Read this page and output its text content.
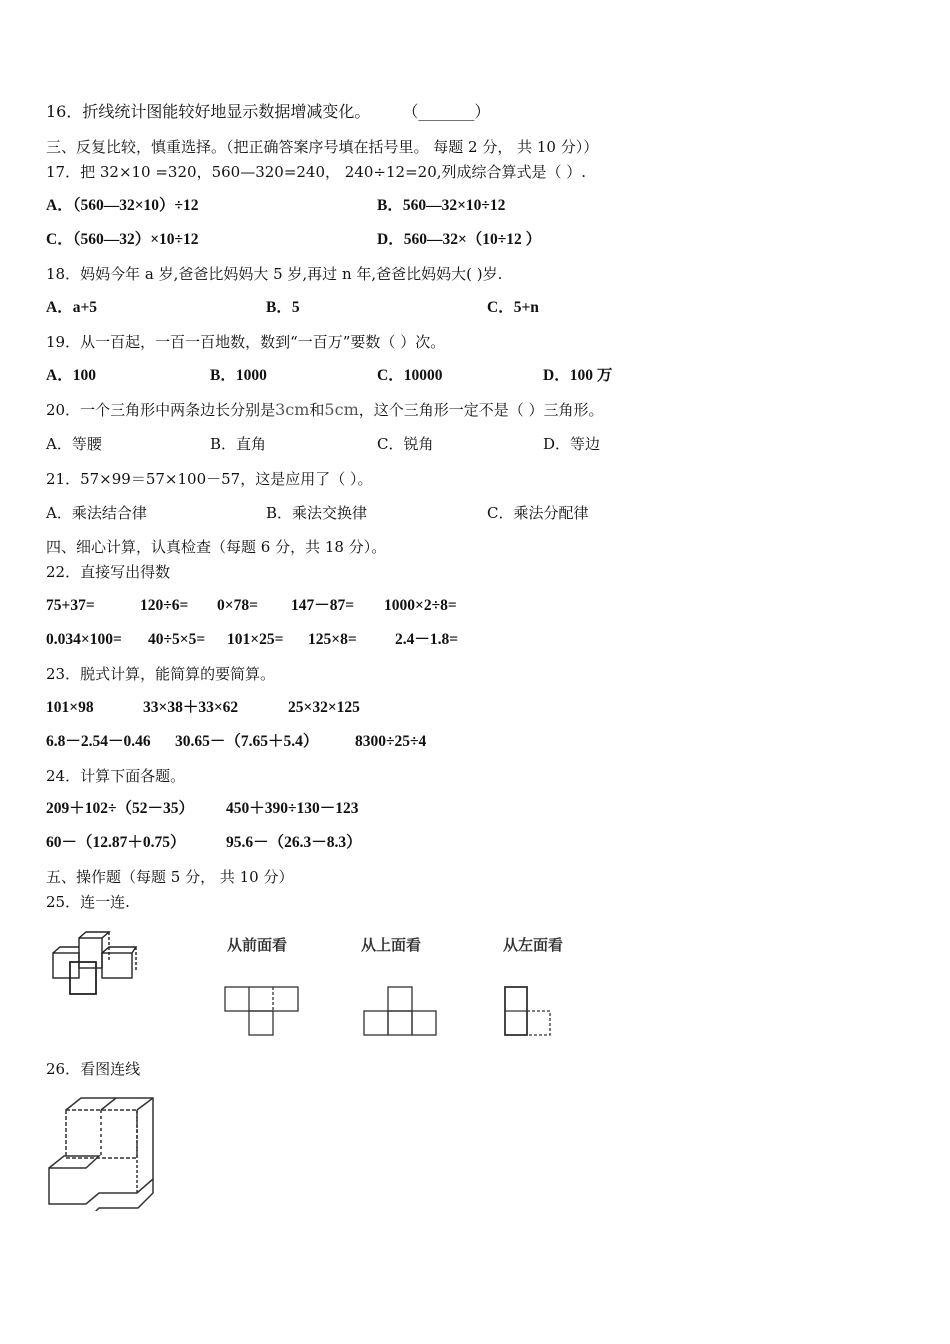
16．折线统计图能较好地显示数据增减变化。	（_______）
三、反复比较，慎重选择。（把正确答案序号填在括号里。 每题 2 分， 共 10 分））
17．把 32×10 =320，560—320=240， 240÷12=20,列成综合算式是（ ）.
A．（560—32×10）÷12	B．560—32×10÷12
C．（560—32）×10÷12	D．560—32×（10÷12 ）
18．妈妈今年 a 岁,爸爸比妈妈大 5 岁,再过 n 年,爸爸比妈妈大( )岁.
A．a+5	B．5	C．5+n
19．从一百起，一百一百地数，数到“一百万”要数（ ）次。
A．100	B．1000	C．10000	D．100 万
20．一个三角形中两条边长分别是3cm和5cm，这个三角形一定不是（ ）三角形。
A．等腰	B．直角	C．锐角	D．等边
21．57×99＝57×100－57，这是应用了（ ）。
A．乘法结合律	B．乘法交换律	C．乘法分配律
四、细心计算，认真检查（每题 6 分，共 18 分）。
22．直接写出得数
75+37=	120÷6= 0×78= 147－87= 1000×2÷8=
0.034×100= 40÷5×5= 101×25= 125×8= 2.4－1.8=
23．脱式计算，能简算的要简算。
101×98	33×38＋33×62	25×32×125
6.8－2.54－0.46 30.65－（7.65＋5.4） 8300÷25÷4
24．计算下面各题。
209＋102÷（52－35） 450＋390÷130－123
60－（12.87＋0.75）	95.6－（26.3－8.3）
五、操作题（每题 5 分， 共 10 分）
25．连一连.
从前面看	从上面看	从左面看
26．看图连线
